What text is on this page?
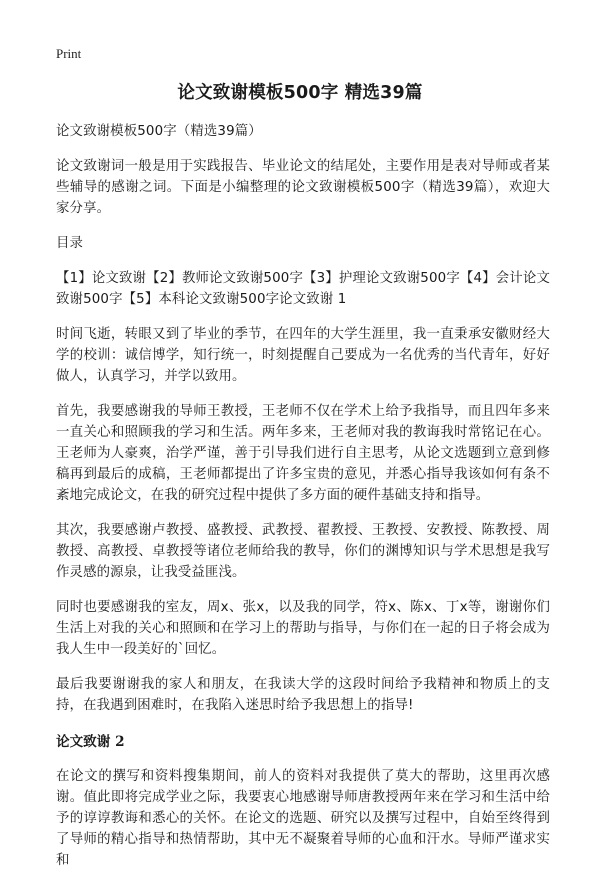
Print
论文致谢模板500字 精选39篇

论文致谢模板500字（精选39篇）

论文致谢词一般是用于实践报告、毕业论文的结尾处，主要作用是表对导师或者某些辅导的感谢之词。下面是小编整理的论文致谢模板500字（精选39篇），欢迎大家分享。

目录

【1】论文致谢【2】教师论文致谢500字【3】护理论文致谢500字【4】会计论文致谢500字【5】本科论文致谢500字论文致谢 1

时间飞逝，转眼又到了毕业的季节，在四年的大学生涯里，我一直秉承安徽财经大学的校训：诚信博学，知行统一，时刻提醒自己要成为一名优秀的当代青年，好好做人，认真学习，并学以致用。

首先，我要感谢我的导师王教授，王老师不仅在学术上给予我指导，而且四年多来一直关心和照顾我的学习和生活。两年多来，王老师对我的教诲我时常铭记在心。王老师为人豪爽，治学严谨，善于引导我们进行自主思考，从论文选题到立意到修稿再到最后的成稿，王老师都提出了许多宝贵的意见，并悉心指导我该如何有条不紊地完成论文，在我的研究过程中提供了多方面的硬件基础支持和指导。

其次，我要感谢卢教授、盛教授、武教授、翟教授、王教授、安教授、陈教授、周教授、高教授、卓教授等诸位老师给我的教导，你们的渊博知识与学术思想是我写作灵感的源泉，让我受益匪浅。

同时也要感谢我的室友，周x、张x，以及我的同学，符x、陈x、丁x等，谢谢你们生活上对我的关心和照顾和在学习上的帮助与指导，与你们在一起的日子将会成为我人生中一段美好的`回忆。

最后我要谢谢我的家人和朋友，在我读大学的这段时间给予我精神和物质上的支持，在我遇到困难时，在我陷入迷思时给予我思想上的指导!

论文致谢 2

在论文的撰写和资料搜集期间，前人的资料对我提供了莫大的帮助，这里再次感谢。值此即将完成学业之际，我要衷心地感谢导师唐教授两年来在学习和生活中给予的谆谆教诲和悉心的关怀。在论文的选题、研究以及撰写过程中，自始至终得到了导师的精心指导和热情帮助，其中无不凝聚着导师的心血和汗水。导师严谨求实和
